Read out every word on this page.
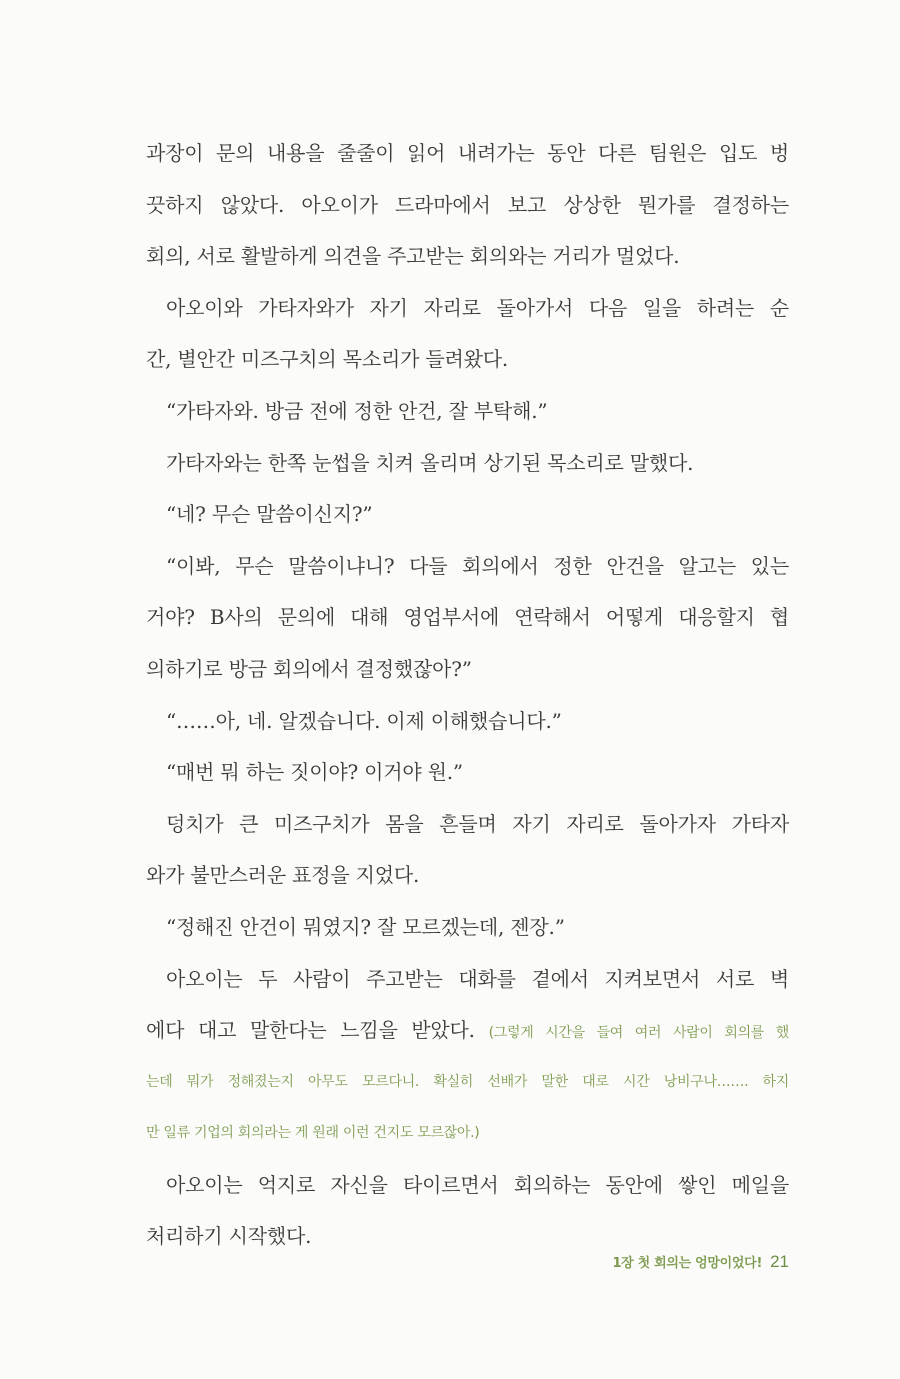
과장이 문의 내용을 줄줄이 읽어 내려가는 동안 다른 팀원은 입도 벙
끗하지 않았다. 아오이가 드라마에서 보고 상상한 뭔가를 결정하는
회의, 서로 활발하게 의견을 주고받는 회의와는 거리가 멀었다.
아오이와 가타자와가 자기 자리로 돌아가서 다음 일을 하려는 순
간, 별안간 미즈구치의 목소리가 들려왔다.
“가타자와. 방금 전에 정한 안건, 잘 부탁해.”
가타자와는 한쪽 눈썹을 치켜 올리며 상기된 목소리로 말했다.
“네? 무슨 말씀이신지?”
“이봐, 무슨 말씀이냐니? 다들 회의에서 정한 안건을 알고는 있는
거야? B사의 문의에 대해 영업부서에 연락해서 어떻게 대응할지 협
의하기로 방금 회의에서 결정했잖아?”
“……아, 네. 알겠습니다. 이제 이해했습니다.”
“매번 뭐 하는 짓이야? 이거야 원.”
덩치가 큰 미즈구치가 몸을 흔들며 자기 자리로 돌아가자 가타자
와가 불만스러운 표정을 지었다.
“정해진 안건이 뭐였지? 잘 모르겠는데, 젠장.”
아오이는 두 사람이 주고받는 대화를 곁에서 지켜보면서 서로 벽
에다 대고 말한다는 느낌을 받았다. (그렇게 시간을 들여 여러 사람이 회의를 했
는데 뭐가 정해졌는지 아무도 모르다니. 확실히 선배가 말한 대로 시간 낭비구나……. 하지
만 일류 기업의 회의라는 게 원래 이런 건지도 모르잖아.)
아오이는 억지로 자신을 타이르면서 회의하는 동안에 쌓인 메일을
처리하기 시작했다.
1장 첫 회의는 엉망이었다! 21
